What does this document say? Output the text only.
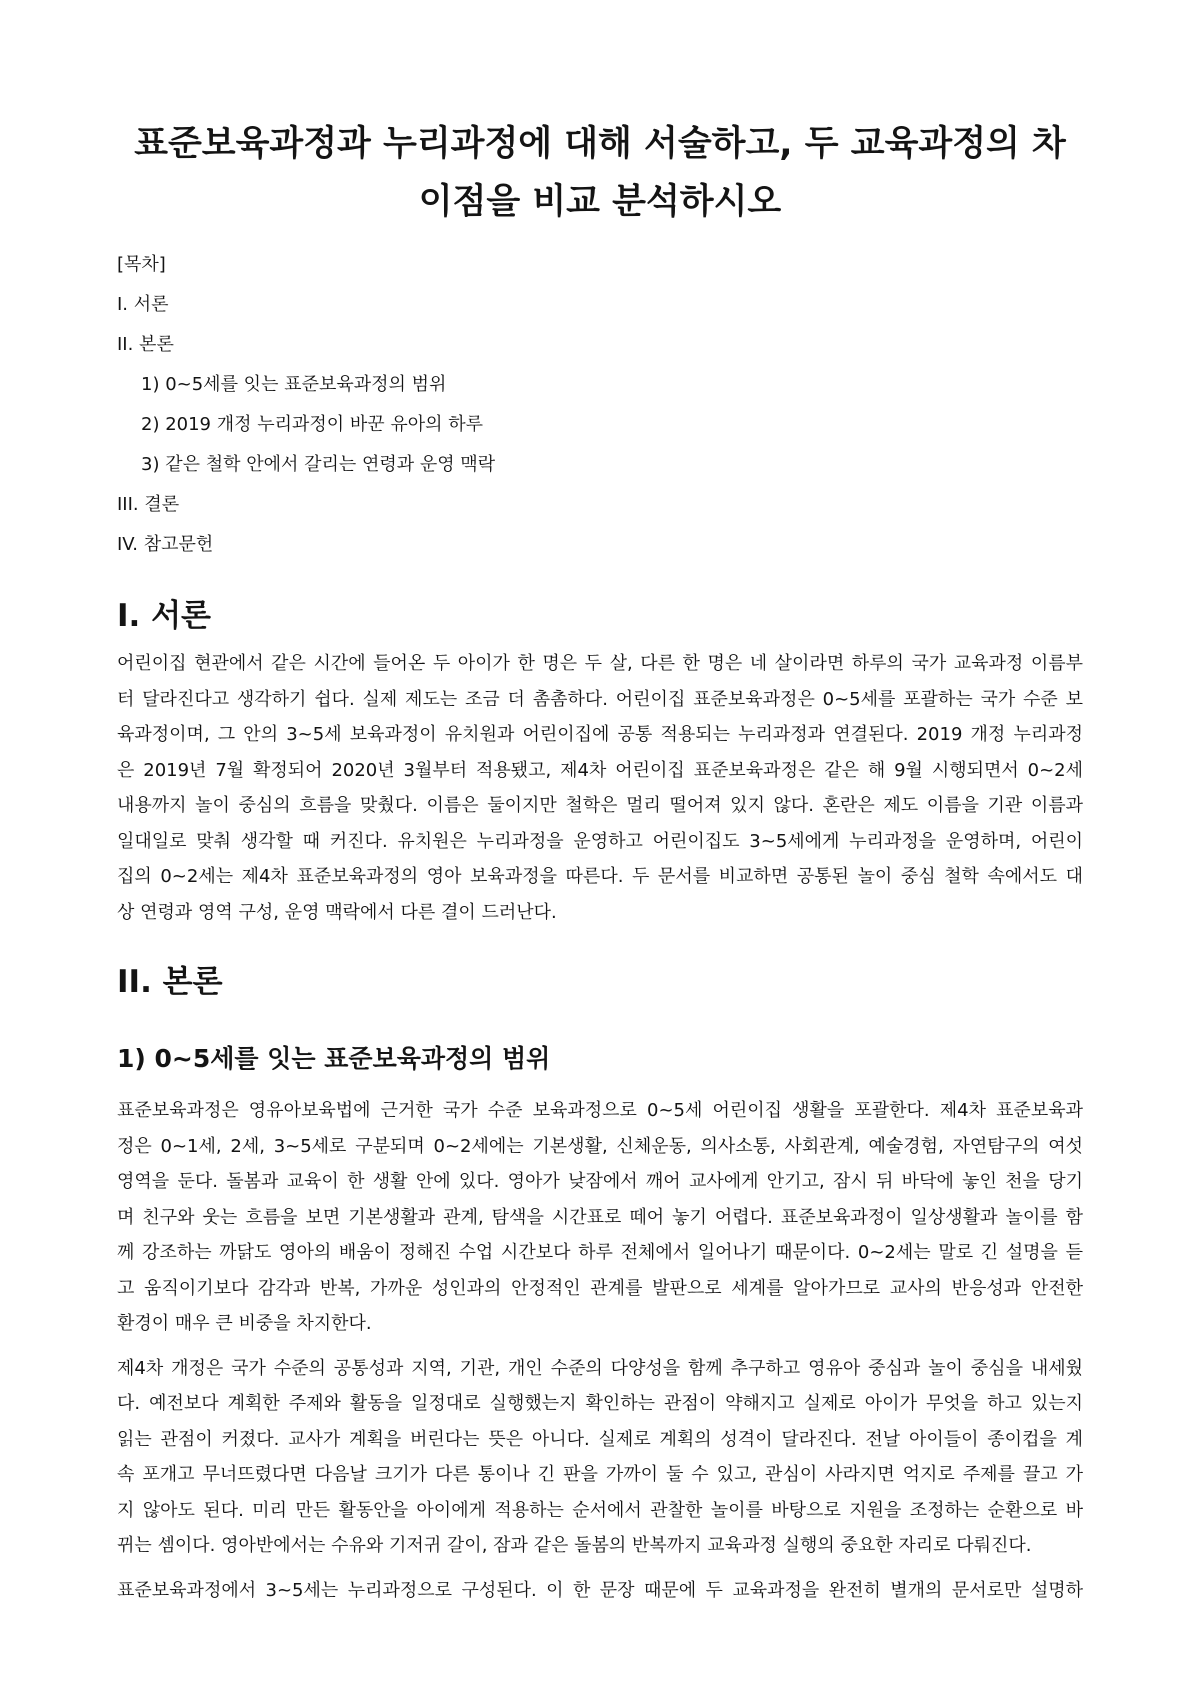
표준보육과정과 누리과정에 대해 서술하고, 두 교육과정의 차
이점을 비교 분석하시오
[목차]
I. 서론
II. 본론
1) 0~5세를 잇는 표준보육과정의 범위
2) 2019 개정 누리과정이 바꾼 유아의 하루
3) 같은 철학 안에서 갈리는 연령과 운영 맥락
III. 결론
IV. 참고문헌
I. 서론
어린이집 현관에서 같은 시간에 들어온 두 아이가 한 명은 두 살, 다른 한 명은 네 살이라면 하루의 국가 교육과정 이름부
터 달라진다고 생각하기 쉽다. 실제 제도는 조금 더 촘촘하다. 어린이집 표준보육과정은 0~5세를 포괄하는 국가 수준 보
육과정이며, 그 안의 3~5세 보육과정이 유치원과 어린이집에 공통 적용되는 누리과정과 연결된다. 2019 개정 누리과정
은 2019년 7월 확정되어 2020년 3월부터 적용됐고, 제4차 어린이집 표준보육과정은 같은 해 9월 시행되면서 0~2세
내용까지 놀이 중심의 흐름을 맞췄다. 이름은 둘이지만 철학은 멀리 떨어져 있지 않다. 혼란은 제도 이름을 기관 이름과
일대일로 맞춰 생각할 때 커진다. 유치원은 누리과정을 운영하고 어린이집도 3~5세에게 누리과정을 운영하며, 어린이
집의 0~2세는 제4차 표준보육과정의 영아 보육과정을 따른다. 두 문서를 비교하면 공통된 놀이 중심 철학 속에서도 대
상 연령과 영역 구성, 운영 맥락에서 다른 결이 드러난다.
II. 본론
1) 0~5세를 잇는 표준보육과정의 범위
표준보육과정은 영유아보육법에 근거한 국가 수준 보육과정으로 0~5세 어린이집 생활을 포괄한다. 제4차 표준보육과
정은 0~1세, 2세, 3~5세로 구분되며 0~2세에는 기본생활, 신체운동, 의사소통, 사회관계, 예술경험, 자연탐구의 여섯
영역을 둔다. 돌봄과 교육이 한 생활 안에 있다. 영아가 낮잠에서 깨어 교사에게 안기고, 잠시 뒤 바닥에 놓인 천을 당기
며 친구와 웃는 흐름을 보면 기본생활과 관계, 탐색을 시간표로 떼어 놓기 어렵다. 표준보육과정이 일상생활과 놀이를 함
께 강조하는 까닭도 영아의 배움이 정해진 수업 시간보다 하루 전체에서 일어나기 때문이다. 0~2세는 말로 긴 설명을 듣
고 움직이기보다 감각과 반복, 가까운 성인과의 안정적인 관계를 발판으로 세계를 알아가므로 교사의 반응성과 안전한
환경이 매우 큰 비중을 차지한다.
제4차 개정은 국가 수준의 공통성과 지역, 기관, 개인 수준의 다양성을 함께 추구하고 영유아 중심과 놀이 중심을 내세웠
다. 예전보다 계획한 주제와 활동을 일정대로 실행했는지 확인하는 관점이 약해지고 실제로 아이가 무엇을 하고 있는지
읽는 관점이 커졌다. 교사가 계획을 버린다는 뜻은 아니다. 실제로 계획의 성격이 달라진다. 전날 아이들이 종이컵을 계
속 포개고 무너뜨렸다면 다음날 크기가 다른 통이나 긴 판을 가까이 둘 수 있고, 관심이 사라지면 억지로 주제를 끌고 가
지 않아도 된다. 미리 만든 활동안을 아이에게 적용하는 순서에서 관찰한 놀이를 바탕으로 지원을 조정하는 순환으로 바
뀌는 셈이다. 영아반에서는 수유와 기저귀 갈이, 잠과 같은 돌봄의 반복까지 교육과정 실행의 중요한 자리로 다뤄진다.
표준보육과정에서 3~5세는 누리과정으로 구성된다. 이 한 문장 때문에 두 교육과정을 완전히 별개의 문서로만 설명하
